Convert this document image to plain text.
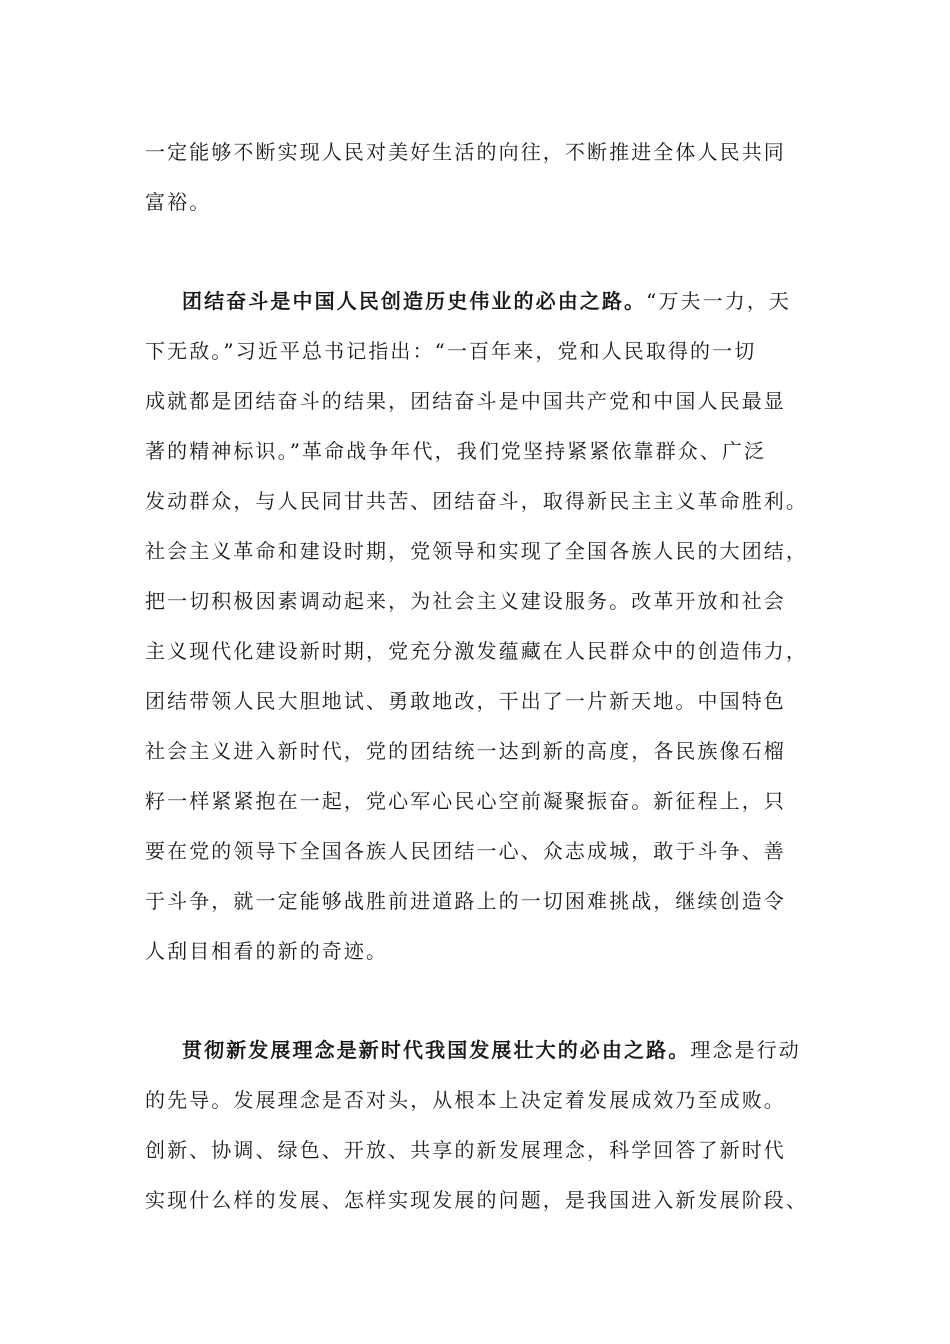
一定能够不断实现人民对美好生活的向往，不断推进全体人民共同
富裕。
团结奋斗是中国人民创造历史伟业的必由之路。“万夫一力，天
下无敌。”习近平总书记指出：“一百年来，党和人民取得的一切
成就都是团结奋斗的结果，团结奋斗是中国共产党和中国人民最显
著的精神标识。”革命战争年代，我们党坚持紧紧依靠群众、广泛
发动群众，与人民同甘共苦、团结奋斗，取得新民主主义革命胜利。
社会主义革命和建设时期，党领导和实现了全国各族人民的大团结，
把一切积极因素调动起来，为社会主义建设服务。改革开放和社会
主义现代化建设新时期，党充分激发蕴藏在人民群众中的创造伟力，
团结带领人民大胆地试、勇敢地改，干出了一片新天地。中国特色
社会主义进入新时代，党的团结统一达到新的高度，各民族像石榴
籽一样紧紧抱在一起，党心军心民心空前凝聚振奋。新征程上，只
要在党的领导下全国各族人民团结一心、众志成城，敢于斗争、善
于斗争，就一定能够战胜前进道路上的一切困难挑战，继续创造令
人刮目相看的新的奇迹。
贯彻新发展理念是新时代我国发展壮大的必由之路。理念是行动
的先导。发展理念是否对头，从根本上决定着发展成效乃至成败。
创新、协调、绿色、开放、共享的新发展理念，科学回答了新时代
实现什么样的发展、怎样实现发展的问题，是我国进入新发展阶段、
